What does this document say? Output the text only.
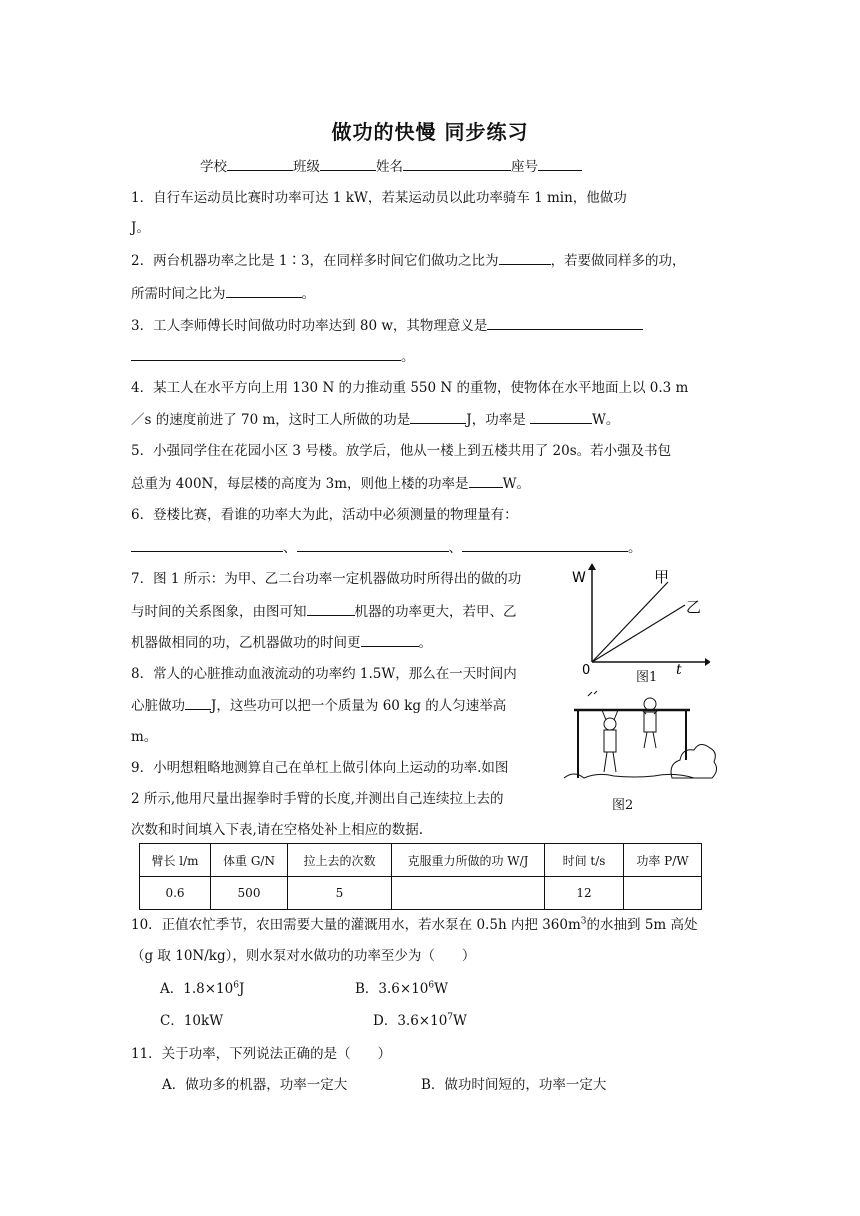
做功的快慢 同步练习
学校	班级	姓名	座号
1．自行车运动员比赛时功率可达 1 kW，若某运动员以此功率骑车 1 min，他做功
J。
2．两台机器功率之比是 1∶3，在同样多时间它们做功之比为	，若要做同样多的功，
所需时间之比为	。
3．工人李师傅长时间做功时功率达到 80 w，其物理意义是
。
4．某工人在水平方向上用 130 N 的力推动重 550 N 的重物，使物体在水平地面上以 0.3 m
／s 的速度前进了 70 m，这时工人所做的功是	J，功率是	W。
5．小强同学住在花园小区 3 号楼。放学后，他从一楼上到五楼共用了 20s。若小强及书包
总重为 400N，每层楼的高度为 3m，则他上楼的功率是	W。
6．登楼比赛，看谁的功率大为此，活动中必须测量的物理量有：
、	、	。
7．图 1 所示：为甲、乙二台功率一定机器做功时所得出的做的功
与时间的关系图象，由图可知	机器的功率更大，若甲、乙
机器做相同的功，乙机器做功的时间更	。
W
0	t
甲
乙
图1
8．常人的心脏推动血液流动的功率约 1.5W，那么在一天时间内
心脏做功 J，这些功可以把一个质量为 60 kg 的人匀速举高
m。
图2
9．小明想粗略地测算自己在单杠上做引体向上运动的功率.如图
2 所示,他用尺量出握拳时手臂的长度,并测出自己连续拉上去的
次数和时间填入下表,请在空格处补上相应的数据.
臂长 l/m	体重 G/N	拉上去的次数	克服重力所做的功 W/J	时间 t/s	功率 P/W
0.6	500	5		12	
10．正值农忙季节，农田需要大量的灌溉用水，若水泵在 0.5h 内把 $360m^3$的水抽到 5m 高处
（g 取 10N/kg），则水泵对水做功的功率至少为（　　）
A．$1.8\times 10^6J$	B．$3.6\times 10^6W$
C．10kW	D．$3.6\times 10^7W$
11．关于功率，下列说法正确的是（　　）
A．做功多的机器，功率一定大	B．做功时间短的，功率一定大
